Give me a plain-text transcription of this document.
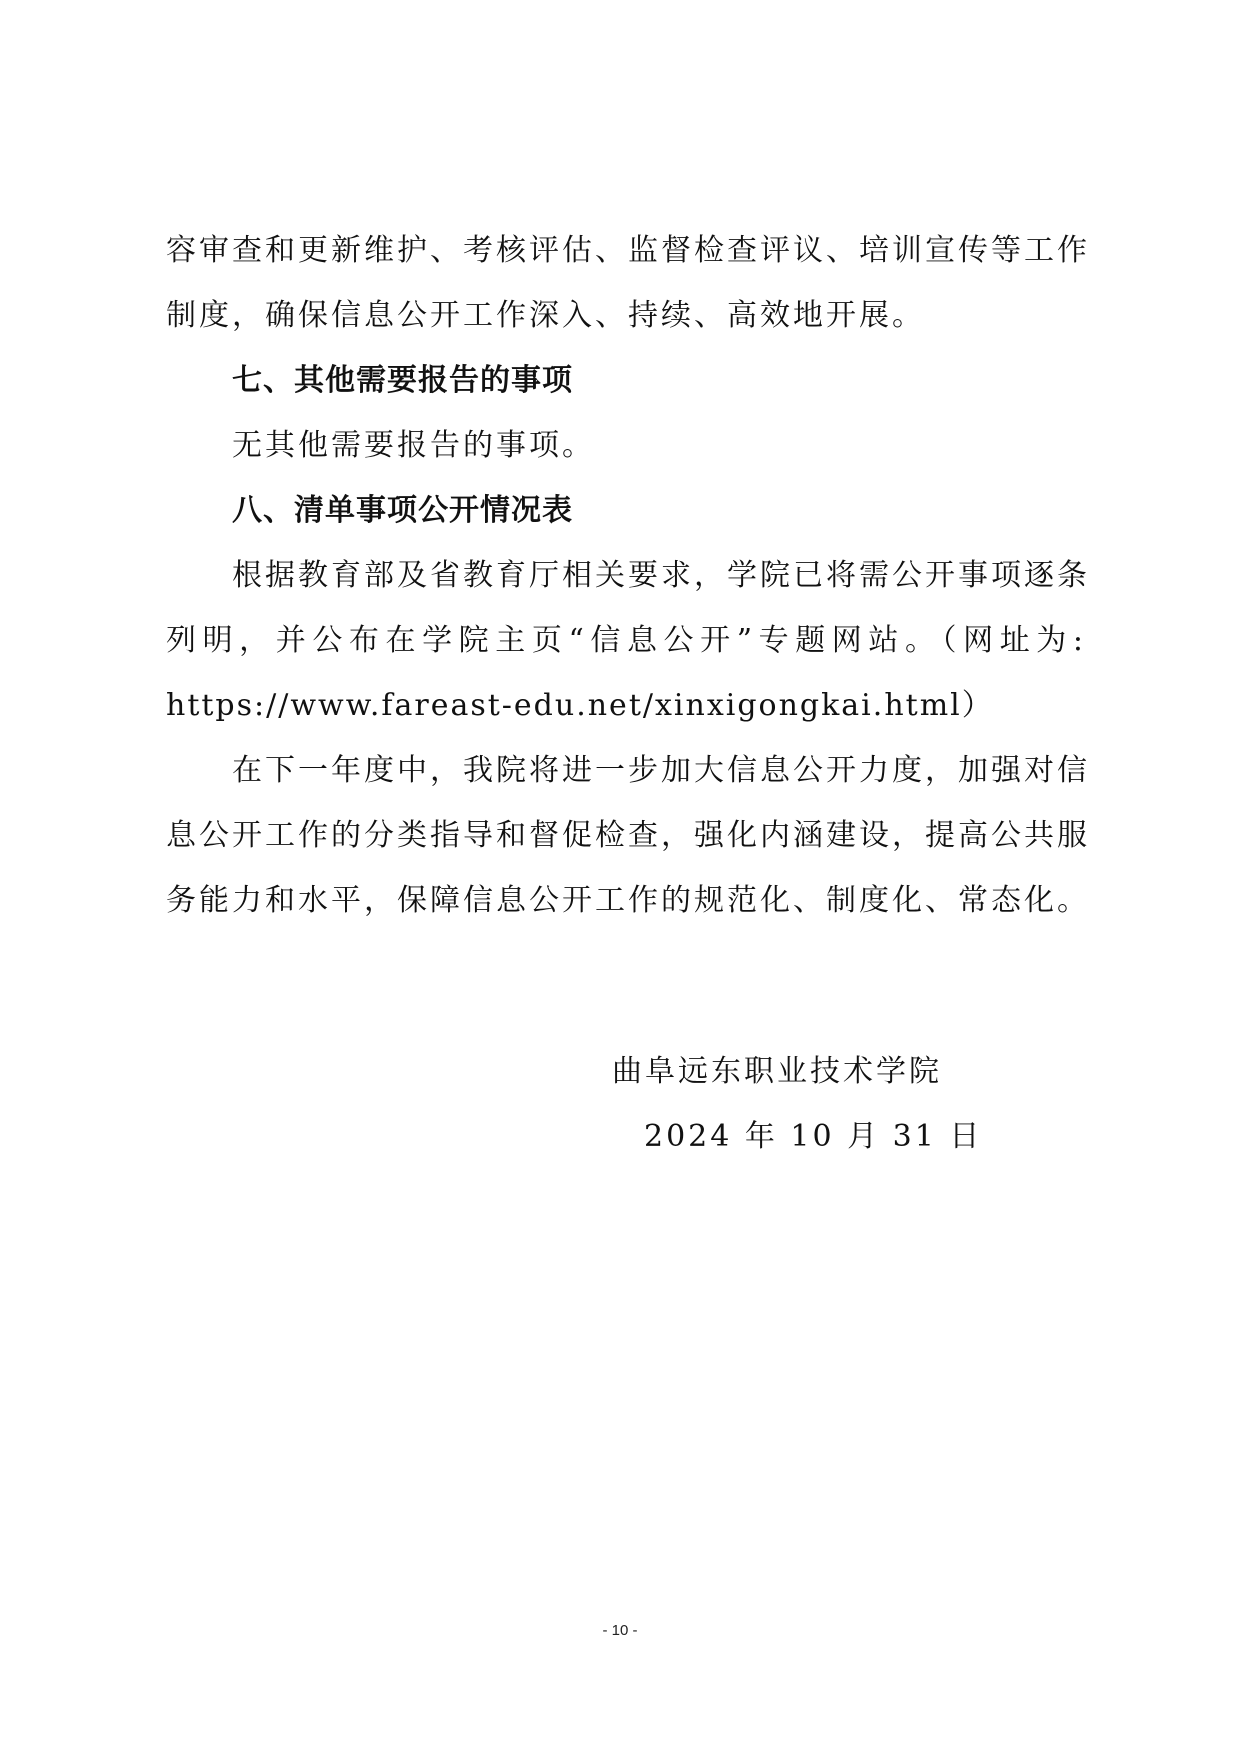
容审查和更新维护、考核评估、监督检查评议、培训宣传等工作
制度，确保信息公开工作深入、持续、高效地开展。
七、其他需要报告的事项
无其他需要报告的事项。
八、清单事项公开情况表
根据教育部及省教育厅相关要求，学院已将需公开事项逐条
列明，并公布在学院主页“信息公开”专题网站。（网址为:
https://www.fareast-edu.net/xinxigongkai.html）
在下一年度中，我院将进一步加大信息公开力度，加强对信
息公开工作的分类指导和督促检查，强化内涵建设，提高公共服
务能力和水平，保障信息公开工作的规范化、制度化、常态化。
曲阜远东职业技术学院
2024 年 10 月 31 日
- 10 -
